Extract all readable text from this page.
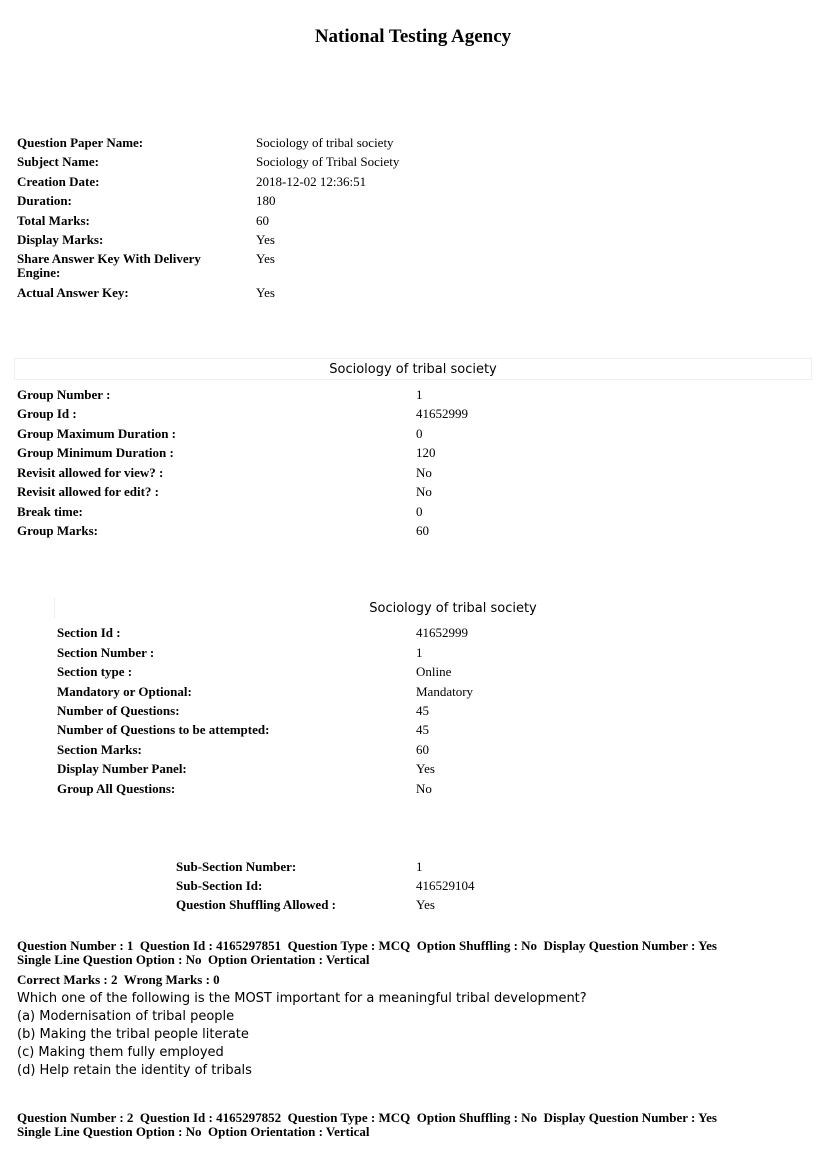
National Testing Agency
Question Paper Name:	Sociology of tribal society
Subject Name:	Sociology of Tribal Society
Creation Date:	2018-12-02 12:36:51
Duration:	180
Total Marks:	60
Display Marks:	Yes
Share Answer Key With Delivery
Engine:
Yes
Actual Answer Key:	Yes
Sociology of tribal society
Group Number :	1
Group Id :	41652999
Group Maximum Duration :	0
Group Minimum Duration :	120
Revisit allowed for view? :	No
Revisit allowed for edit? :	No
Break time:	0
Group Marks:	60
Sociology of tribal society
Section Id :	41652999
Section Number :	1
Section type :	Online
Mandatory or Optional:	Mandatory
Number of Questions:	45
Number of Questions to be attempted:	45
Section Marks:	60
Display Number Panel:	Yes
Group All Questions:	No
Sub-Section Number:	1
Sub-Section Id:	416529104
Question Shuffling Allowed :	Yes
Question Number : 1  Question Id : 4165297851  Question Type : MCQ  Option Shuffling : No  Display Question Number : Yes
Single Line Question Option : No  Option Orientation : Vertical
Correct Marks : 2  Wrong Marks : 0
Which one of the following is the MOST important for a meaningful tribal development?
(a) Modernisation of tribal people
(b) Making the tribal people literate
(c) Making them fully employed
(d) Help retain the identity of tribals
Question Number : 2  Question Id : 4165297852  Question Type : MCQ  Option Shuffling : No  Display Question Number : Yes
Single Line Question Option : No  Option Orientation : Vertical
